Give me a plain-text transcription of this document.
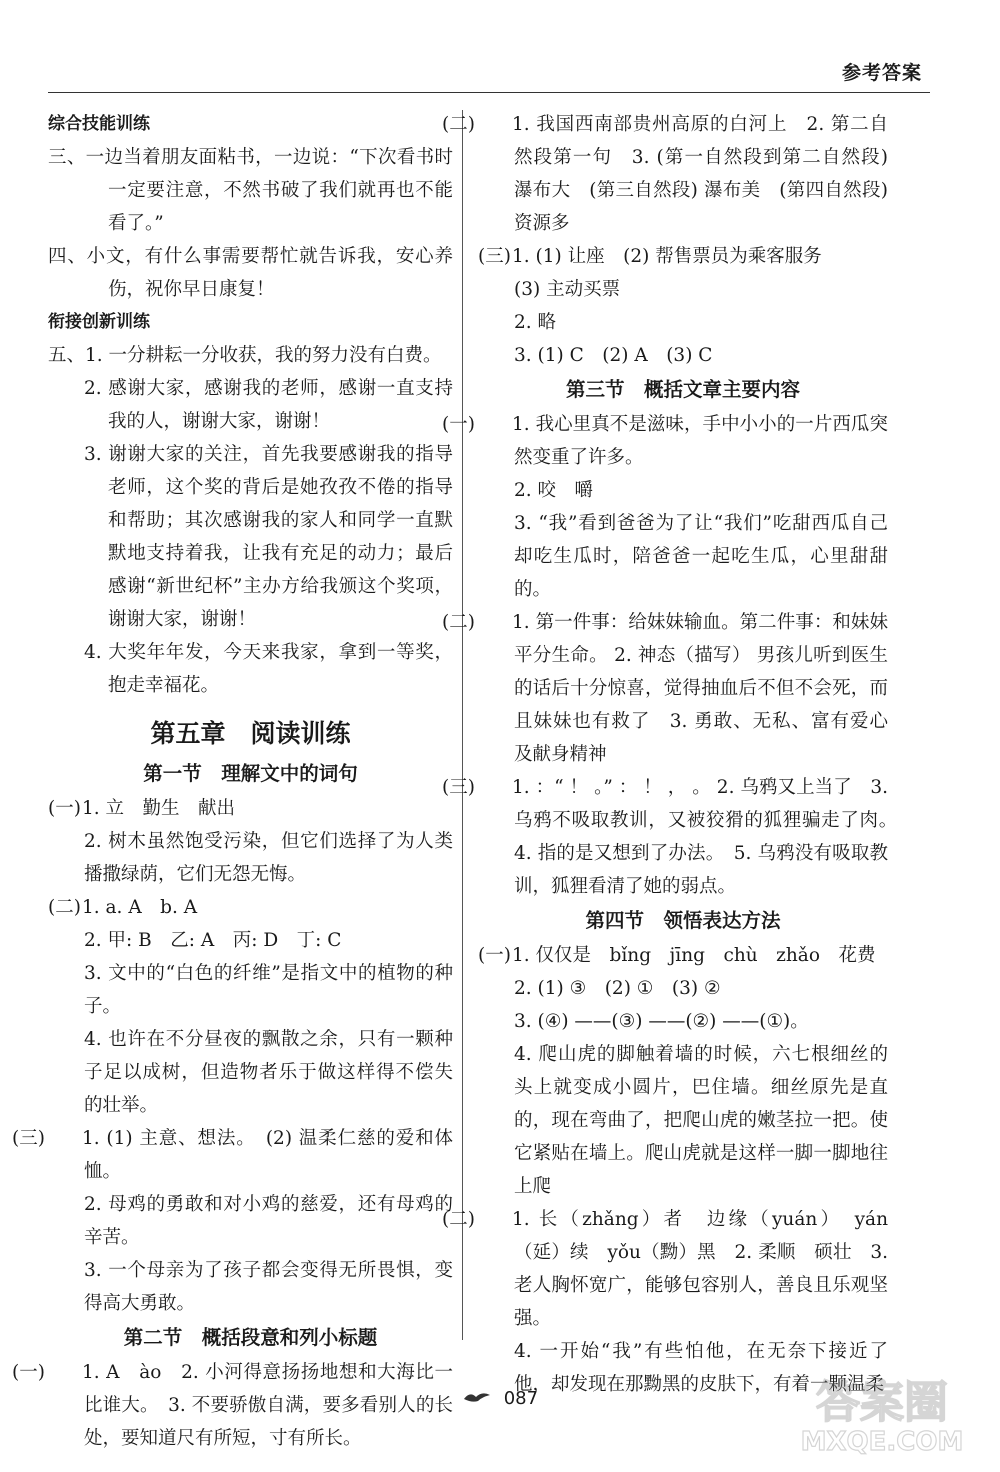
参考答案

综合技能训练

三、一边当着朋友面粘书，一边说：“下次看书时一定要注意，不然书破了我们就再也不能看了。”

四、小文，有什么事需要帮忙就告诉我，安心养伤，祝你早日康复！

衔接创新训练

五、1. 一分耕耘一分收获，我的努力没有白费。

2. 感谢大家，感谢我的老师，感谢一直支持我的人，谢谢大家，谢谢！

3. 谢谢大家的关注，首先我要感谢我的指导老师，这个奖的背后是她孜孜不倦的指导和帮助；其次感谢我的家人和同学一直默默地支持着我，让我有充足的动力；最后感谢“新世纪杯”主办方给我颁这个奖项，谢谢大家，谢谢！

4. 大奖年年发，今天来我家，拿到一等奖，抱走幸福花。

第五章　阅读训练

第一节　理解文中的词句

(一)1. 立　勤生　献出

2. 树木虽然饱受污染，但它们选择了为人类播撒绿荫，它们无怨无悔。

(二)1. a. A　b. A

2. 甲: B　乙: A　丙: D　丁: C

3. 文中的“白色的纤维”是指文中的植物的种子。

4. 也许在不分昼夜的飘散之余，只有一颗种子足以成树，但造物者乐于做这样得不偿失的壮举。

(三) 1. (1) 主意、想法。　(2) 温柔仁慈的爱和体恤。

2. 母鸡的勇敢和对小鸡的慈爱，还有母鸡的辛苦。

3. 一个母亲为了孩子都会变得无所畏惧，变得高大勇敢。

第二节　概括段意和列小标题

(一) 1. A　ào　2. 小河得意扬扬地想和大海比一比谁大。　3. 不要骄傲自满，要多看别人的长处，要知道尺有所短，寸有所长。

(二) 1. 我国西南部贵州高原的白河上　2. 第二自然段第一句　3. (第一自然段到第二自然段) 瀑布大　(第三自然段) 瀑布美　(第四自然段) 资源多

(三)1. (1) 让座　(2) 帮售票员为乘客服务

(3) 主动买票

2. 略

3. (1) C　(2) A　(3) C

第三节　概括文章主要内容

(一) 1. 我心里真不是滋味，手中小小的一片西瓜突然变重了许多。

2. 咬　嚼

3. “我”看到爸爸为了让“我们”吃甜西瓜自己却吃生瓜时，陪爸爸一起吃生瓜，心里甜甜的。

(二) 1. 第一件事：给妹妹输血。第二件事：和妹妹平分生命。 2. 神态（描写） 男孩儿听到医生的话后十分惊喜，觉得抽血后不但不会死，而且妹妹也有救了　3. 勇敢、无私、富有爱心及献身精神

(三) 1. ：“ ！ 。” ： ！ ， 。 2. 乌鸦又上当了　3. 乌鸦不吸取教训，又被狡猾的狐狸骗走了肉。　4. 指的是又想到了办法。　5. 乌鸦没有吸取教训，狐狸看清了她的弱点。

第四节　领悟表达方法

(一)1. 仅仅是　bǐng　jīng　chù　zhǎo　花费

2. (1) ③　(2) ①　(3) ②

3. (④) ——(③) ——(②) ——(①)。

4. 爬山虎的脚触着墙的时候，六七根细丝的头上就变成小圆片，巴住墙。细丝原先是直的，现在弯曲了，把爬山虎的嫩茎拉一把。使它紧贴在墙上。爬山虎就是这样一脚一脚地往上爬

(二) 1. 长（zhǎng）者　边缘（yuán）　yán（延）续　yǒu（黝）黑　2. 柔顺　硕壮　3. 老人胸怀宽广，能够包容别人，善良且乐观坚强。

4. 一开始“我”有些怕他，在无奈下接近了他，却发现在那黝黑的皮肤下，有着一颗温柔

087	答案圈
MXQE.COM
